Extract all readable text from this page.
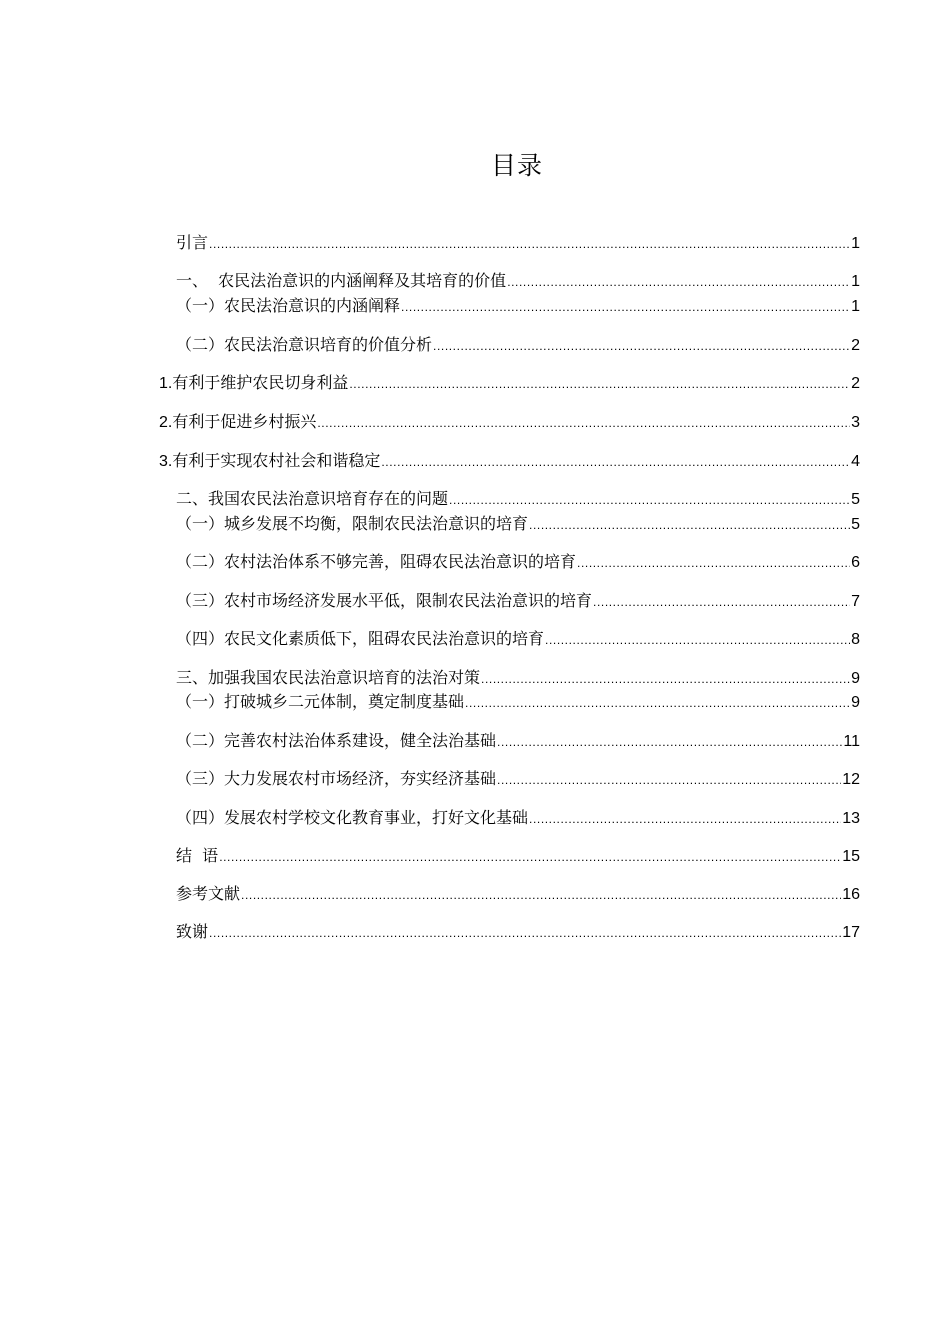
目录
引言 .....	1
一、  农民法治意识的内涵阐释及其培育的价值 .....	1
（一）农民法治意识的内涵阐释 .....	1
（二）农民法治意识培育的价值分析 .....	2
1.有利于维护农民切身利益 .....	2
2.有利于促进乡村振兴 .....	3
3.有利于实现农村社会和谐稳定 .....	4
二、我国农民法治意识培育存在的问题 .....	5
（一）城乡发展不均衡，限制农民法治意识的培育 .....	5
（二）农村法治体系不够完善，阻碍农民法治意识的培育 .....	6
（三）农村市场经济发展水平低，限制农民法治意识的培育 .....	7
（四）农民文化素质低下，阻碍农民法治意识的培育 .....	8
三、加强我国农民法治意识培育的法治对策 .....	9
（一）打破城乡二元体制，奠定制度基础 .....	9
（二）完善农村法治体系建设，健全法治基础 .....	11
（三）大力发展农村市场经济，夯实经济基础 .....	12
（四）发展农村学校文化教育事业，打好文化基础 .....	13
结  语 .....	15
参考文献 .....	16
致谢 .....	17
